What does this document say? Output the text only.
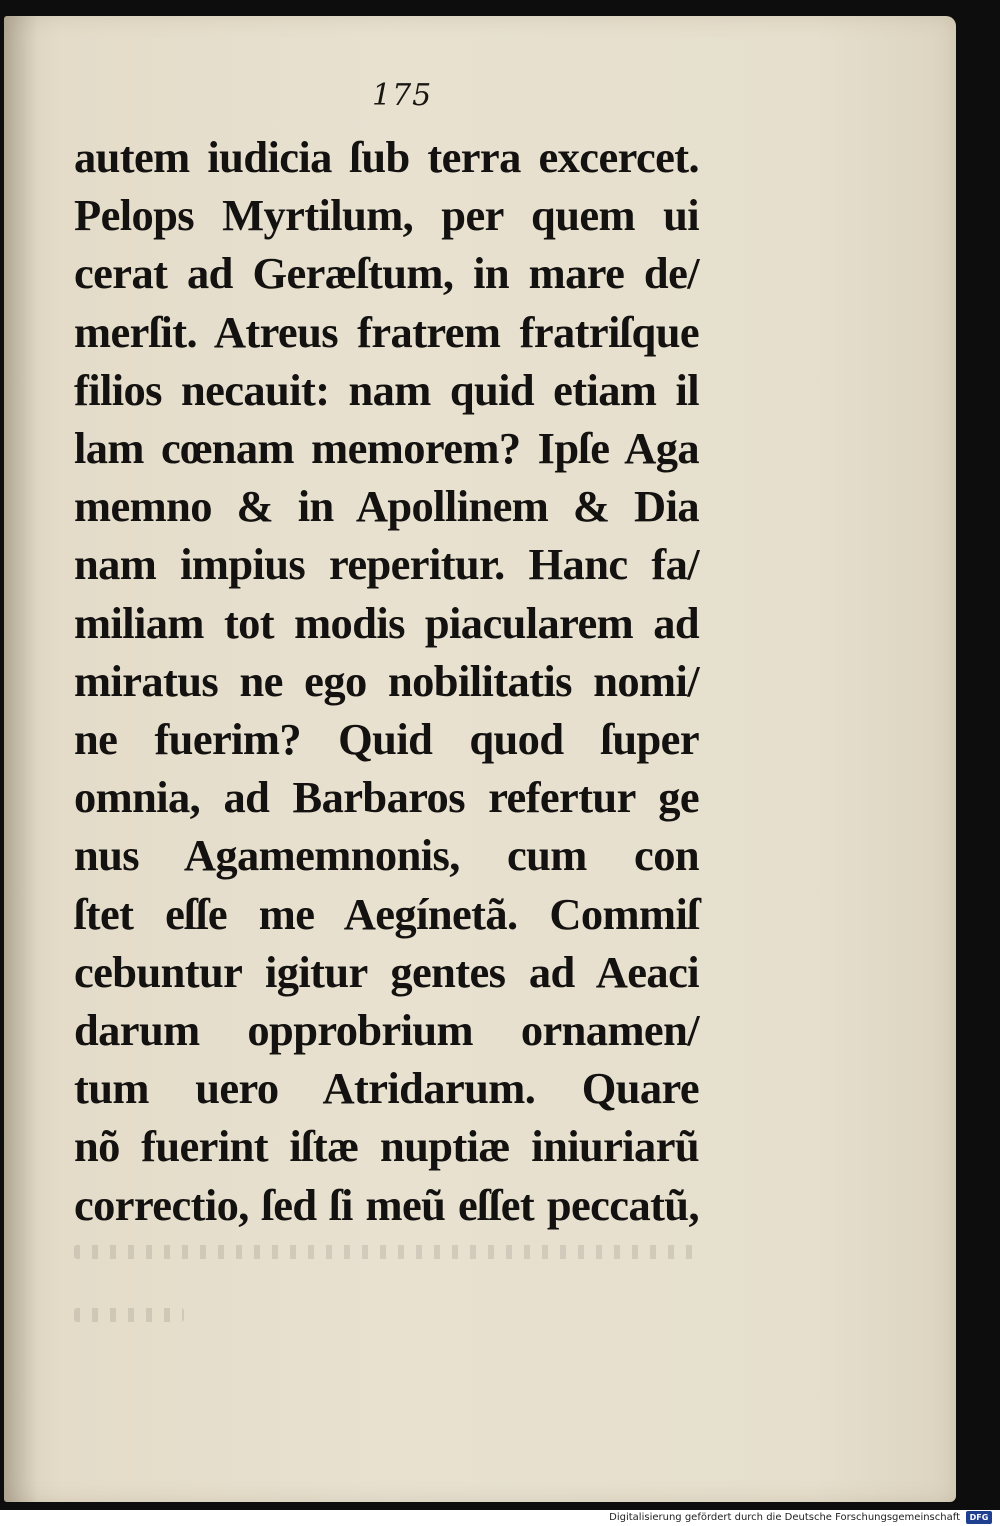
175
autem iudicia ſub terra excercet.
Pelops Myrtilum, per quem ui
cerat ad Geræſtum, in mare de/
merſit. Atreus fratrem fratriſque
filios necauit: nam quid etiam il
lam cœnam memorem? Ipſe Aga
memno & in Apollinem & Dia
nam impius reperitur. Hanc fa/
miliam tot modis piacularem ad
miratus ne ego nobilitatis nomi/
ne fuerim? Quid quod ſuper
omnia, ad Barbaros refertur ge
nus Agamemnonis, cum con
ſtet eſſe me Aegínetã. Commiſ
cebuntur igitur gentes ad Aeaci
darum opprobrium ornamen/
tum uero Atridarum. Quare
nõ fuerint iſtæ nuptiæ iniuriarũ
correctio, ſed ſi meũ eſſet peccatũ,
Digitalisierung gefördert durch die Deutsche Forschungsgemeinschaft	DFG
